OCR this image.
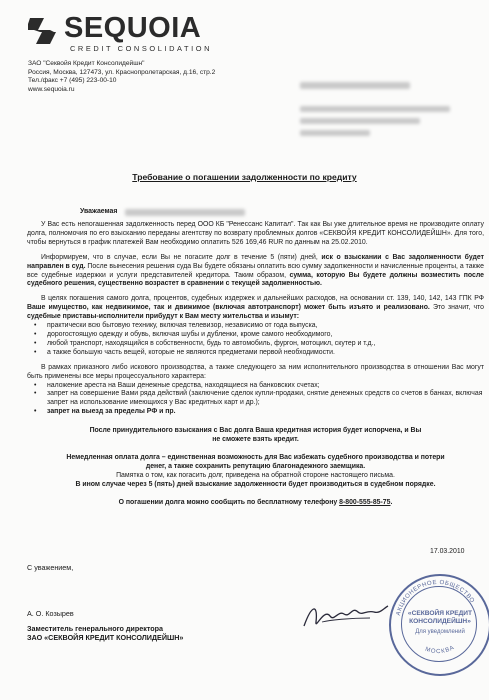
SEQUOIA
CREDIT CONSOLIDATION
ЗАО "Секвойя Кредит Консолидейшн"
Россия, Москва, 127473, ул. Краснопролетарская, д.16, стр.2
Тел./факс +7 (495) 223-00-10
www.sequoia.ru
Требование о погашении задолженности по кредиту
Уважаемая

У Вас есть непогашенная задолженность перед ООО КБ "Ренессанс Капитал". Так как Вы уже длительное время не производите оплату долга, полномочия по его взысканию переданы агентству по возврату проблемных долгов «СЕКВОЙЯ КРЕДИТ КОНСОЛИДЕЙШН». Для того, чтобы вернуться в график платежей Вам необходимо оплатить 526 169,46 RUR по данным на 25.02.2010.

Информируем, что в случае, если Вы не погасите долг в течение 5 (пяти) дней, иск о взыскании с Вас задолженности будет направлен в суд. После вынесения решения суда Вы будете обязаны оплатить всю сумму задолженности и начисленные проценты, а также все судебные издержки и услуги представителей кредитора. Таким образом, сумма, которую Вы будете должны возместить после судебного решения, существенно возрастет в сравнении с текущей задолженностью.

В целях погашения самого долга, процентов, судебных издержек и дальнейших расходов, на основании ст. 139, 140, 142, 143 ГПК РФ Ваше имущество, как недвижимое, так и движимое (включая автотранспорт) может быть изъято и реализовано. Это значит, что судебные приставы-исполнители прибудут к Вам месту жительства и изымут:

• практически всю бытовую технику, включая телевизор, независимо от года выпуска,
• дорогостоящую одежду и обувь, включая шубы и дубленки, кроме самого необходимого,
• любой транспорт, находящийся в собственности, будь то автомобиль, фургон, мотоцикл, скутер и т.д.,
• а также большую часть вещей, которые не являются предметами первой необходимости.

В рамках приказного либо искового производства, а также следующего за ним исполнительного производства в отношении Вас могут быть применены все меры процессуального характера:

• наложение ареста на Ваши денежные средства, находящиеся на банковских счетах;
• запрет на совершение Вами ряда действий (заключение сделок купли-продажи, снятие денежных средств со счетов в банках, включая запрет на использование имеющихся у Вас кредитных карт и др.);
• запрет на выезд за пределы РФ и пр.
После принудительного взыскания с Вас долга Ваша кредитная история будет испорчена, и Вы не сможете взять кредит.
Немедленная оплата долга – единственная возможность для Вас избежать судебного производства и потери денег, а также сохранить репутацию благонадежного заемщика.
Памятка о том, как погасить долг, приведена на обратной стороне настоящего письма.
В ином случае через 5 (пять) дней взыскание задолженности будет производиться в судебном порядке.
О погашении долга можно сообщить по бесплатному телефону 8-800-555-85-75.
17.03.2010
С уважением,
А. О. Козырев
Заместитель генерального директора
ЗАО «СЕКВОЙЯ КРЕДИТ КОНСОЛИДЕЙШН»
АКЦИОНЕРНОЕ ОБЩЕСТВО
МОСКВА
«СЕКВОЙЯ КРЕДИТ
КОНСОЛИДЕЙШН»
Для уведомлений
